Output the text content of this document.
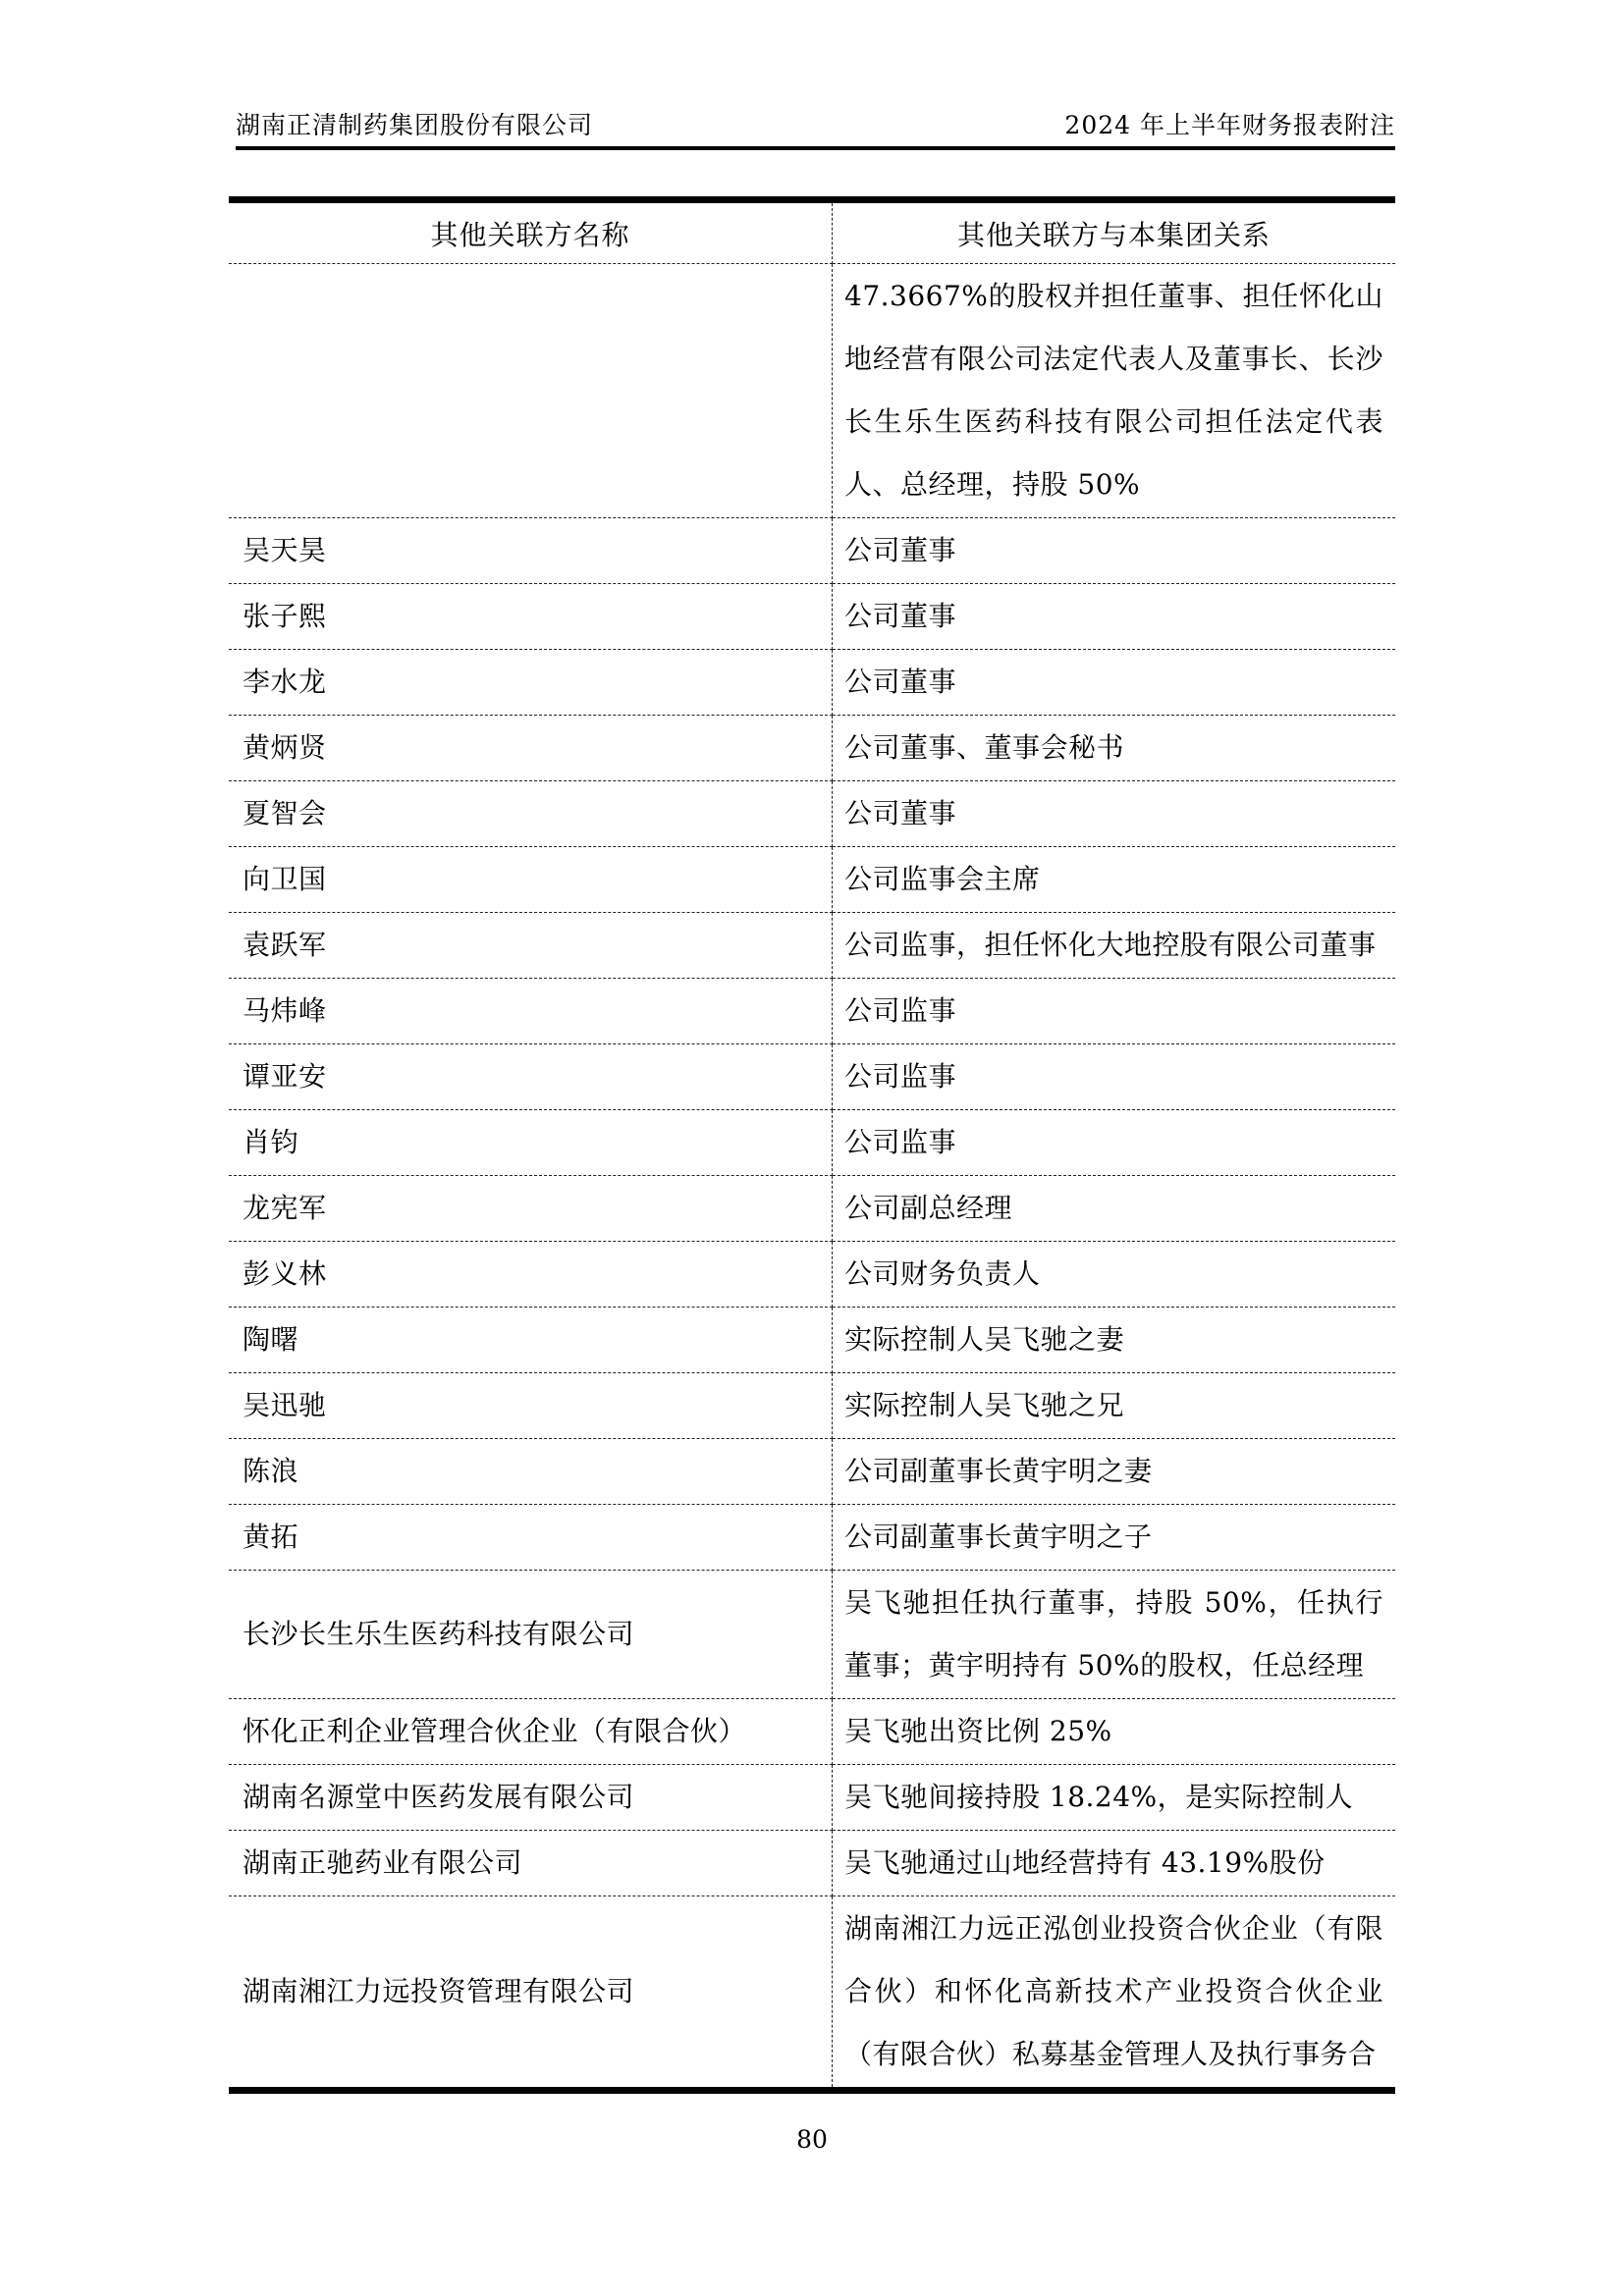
湖南正清制药集团股份有限公司	2024 年上半年财务报表附注
其他关联方名称	其他关联方与本集团关系
	47.3667%的股权并担任董事、担任怀化山地经营有限公司法定代表人及董事长、长沙长生乐生医药科技有限公司担任法定代表人、总经理，持股 50%
吴天昊	公司董事
张子熙	公司董事
李水龙	公司董事
黄炳贤	公司董事、董事会秘书
夏智会	公司董事
向卫国	公司监事会主席
袁跃军	公司监事，担任怀化大地控股有限公司董事
马炜峰	公司监事
谭亚安	公司监事
肖钧	公司监事
龙宪军	公司副总经理
彭义林	公司财务负责人
陶曙	实际控制人吴飞驰之妻
吴迅驰	实际控制人吴飞驰之兄
陈浪	公司副董事长黄宇明之妻
黄拓	公司副董事长黄宇明之子
长沙长生乐生医药科技有限公司	吴飞驰担任执行董事，持股 50%，任执行董事；黄宇明持有 50%的股权，任总经理
怀化正利企业管理合伙企业（有限合伙）	吴飞驰出资比例 25%
湖南名源堂中医药发展有限公司	吴飞驰间接持股 18.24%，是实际控制人
湖南正驰药业有限公司	吴飞驰通过山地经营持有 43.19%股份
湖南湘江力远投资管理有限公司	湖南湘江力远正泓创业投资合伙企业（有限合伙）和怀化高新技术产业投资合伙企业（有限合伙）私募基金管理人及执行事务合
80
